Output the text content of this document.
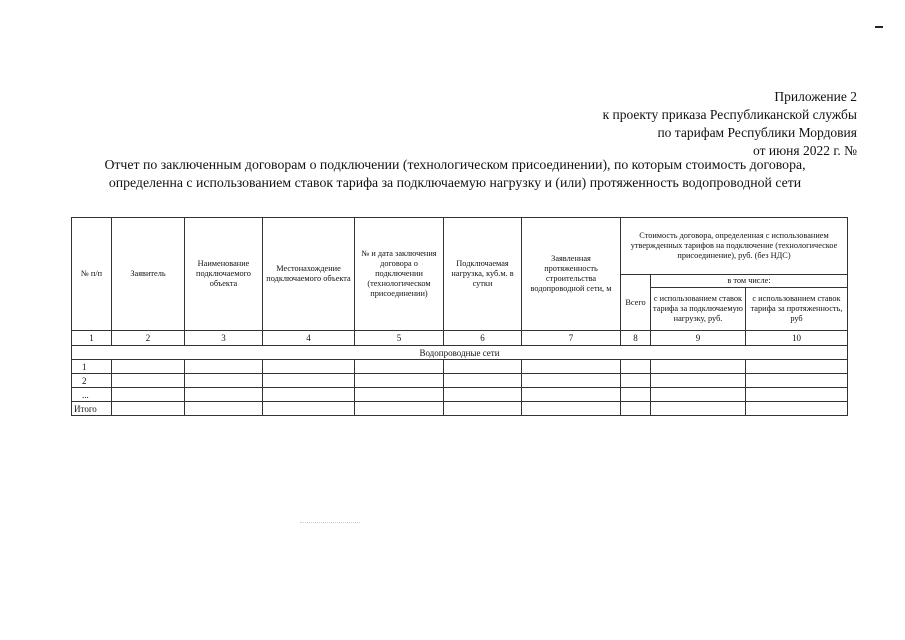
Приложение 2
к проекту приказа Республиканской службы
по тарифам Республики Мордовия
от июня 2022 г. №
Отчет по заключенным договорам о подключении (технологическом присоединении), по которым стоимость договора,
определенна с использованием ставок тарифа за подключаемую нагрузку и (или) протяженность водопроводной сети
№ п/п	Заявитель	Наименование подключаемого объекта	Местонахождение подключаемого объекта	№ и дата заключения договора о подключении (технологическом присоединении)	Подключаемая нагрузка, куб.м. в сутки	Заявленная протяженность строительства водопроводной сети, м	Стоимость договора, определенная с использованием утвержденных тарифов на подключение (технологическое присоединение), руб. (без НДС)		
							Всего	в том числе:	
								с использованием ставок тарифа за подключаемую нагрузку, руб.	с использованием ставок тарифа за протяженность, руб
1	2	3	4	5	6	7	8	9	10
Водопроводные сети									
1									
2									
...									
Итого									
